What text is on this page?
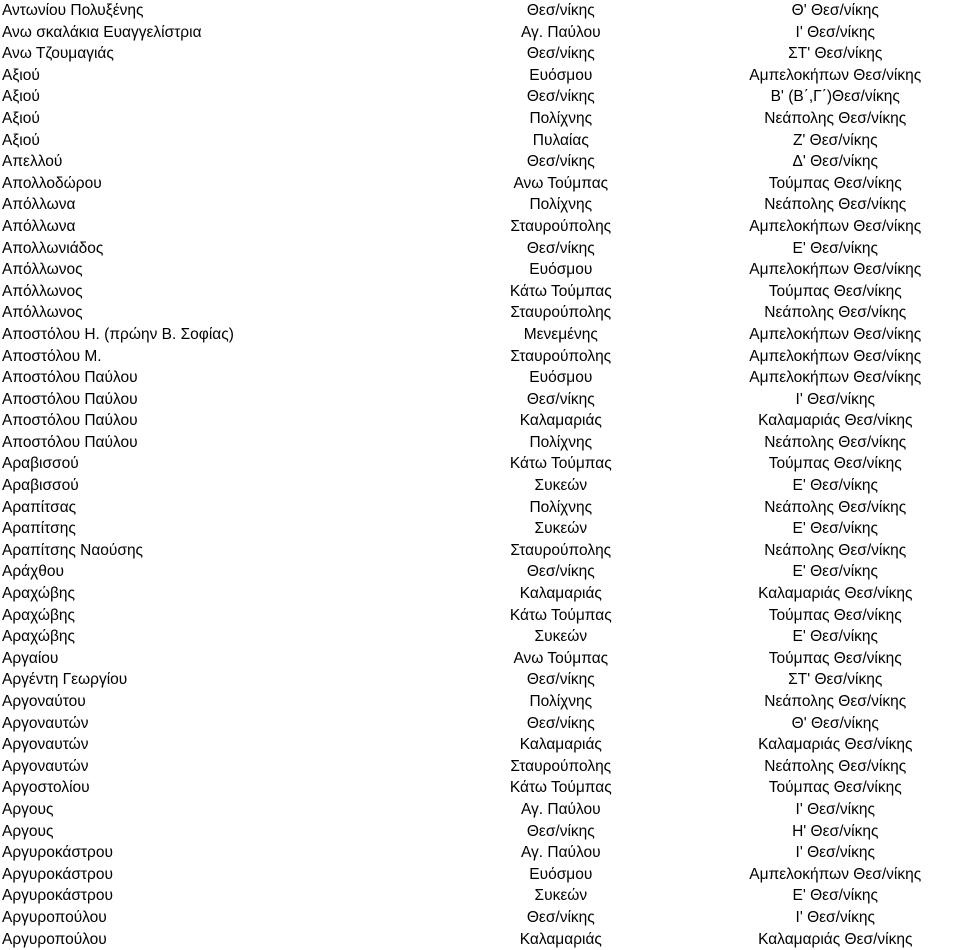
Αντωνίου Πολυξένης	Θεσ/νίκης	Θ' Θεσ/νίκης
Ανω σκαλάκια Ευαγγελίστρια	Αγ. Παύλου	Ι' Θεσ/νίκης
Ανω Τζουμαγιάς	Θεσ/νίκης	ΣΤ' Θεσ/νίκης
Αξιού	Ευόσμου	Αμπελοκήπων Θεσ/νίκης
Αξιού	Θεσ/νίκης	Β' (Β΄,Γ΄)Θεσ/νίκης
Αξιού	Πολίχνης	Νεάπολης Θεσ/νίκης
Αξιού	Πυλαίας	Ζ' Θεσ/νίκης
Απελλού	Θεσ/νίκης	Δ' Θεσ/νίκης
Απολλοδώρου	Ανω Τούμπας	Τούμπας Θεσ/νίκης
Απόλλωνα	Πολίχνης	Νεάπολης Θεσ/νίκης
Απόλλωνα	Σταυρούπολης	Αμπελοκήπων Θεσ/νίκης
Απολλωνιάδος	Θεσ/νίκης	Ε' Θεσ/νίκης
Απόλλωνος	Ευόσμου	Αμπελοκήπων Θεσ/νίκης
Απόλλωνος	Κάτω Τούμπας	Τούμπας Θεσ/νίκης
Απόλλωνος	Σταυρούπολης	Νεάπολης Θεσ/νίκης
Αποστόλου Η. (πρώην Β. Σοφίας)	Μενεμένης	Αμπελοκήπων Θεσ/νίκης
Αποστόλου Μ.	Σταυρούπολης	Αμπελοκήπων Θεσ/νίκης
Αποστόλου Παύλου	Ευόσμου	Αμπελοκήπων Θεσ/νίκης
Αποστόλου Παύλου	Θεσ/νίκης	Ι' Θεσ/νίκης
Αποστόλου Παύλου	Καλαμαριάς	Καλαμαριάς Θεσ/νίκης
Αποστόλου Παύλου	Πολίχνης	Νεάπολης Θεσ/νίκης
Αραβισσού	Κάτω Τούμπας	Τούμπας Θεσ/νίκης
Αραβισσού	Συκεών	Ε' Θεσ/νίκης
Αραπίτσας	Πολίχνης	Νεάπολης Θεσ/νίκης
Αραπίτσης	Συκεών	Ε' Θεσ/νίκης
Αραπίτσης Ναούσης	Σταυρούπολης	Νεάπολης Θεσ/νίκης
Αράχθου	Θεσ/νίκης	Ε' Θεσ/νίκης
Αραχώβης	Καλαμαριάς	Καλαμαριάς Θεσ/νίκης
Αραχώβης	Κάτω Τούμπας	Τούμπας Θεσ/νίκης
Αραχώβης	Συκεών	Ε' Θεσ/νίκης
Αργαίου	Ανω Τούμπας	Τούμπας Θεσ/νίκης
Αργέντη Γεωργίου	Θεσ/νίκης	ΣΤ' Θεσ/νίκης
Αργοναύτου	Πολίχνης	Νεάπολης Θεσ/νίκης
Αργοναυτών	Θεσ/νίκης	Θ' Θεσ/νίκης
Αργοναυτών	Καλαμαριάς	Καλαμαριάς Θεσ/νίκης
Αργοναυτών	Σταυρούπολης	Νεάπολης Θεσ/νίκης
Αργοστολίου	Κάτω Τούμπας	Τούμπας Θεσ/νίκης
Αργους	Αγ. Παύλου	Ι' Θεσ/νίκης
Αργους	Θεσ/νίκης	Η' Θεσ/νίκης
Αργυροκάστρου	Αγ. Παύλου	Ι' Θεσ/νίκης
Αργυροκάστρου	Ευόσμου	Αμπελοκήπων Θεσ/νίκης
Αργυροκάστρου	Συκεών	Ε' Θεσ/νίκης
Αργυροπούλου	Θεσ/νίκης	Ι' Θεσ/νίκης
Αργυροπούλου	Καλαμαριάς	Καλαμαριάς Θεσ/νίκης
